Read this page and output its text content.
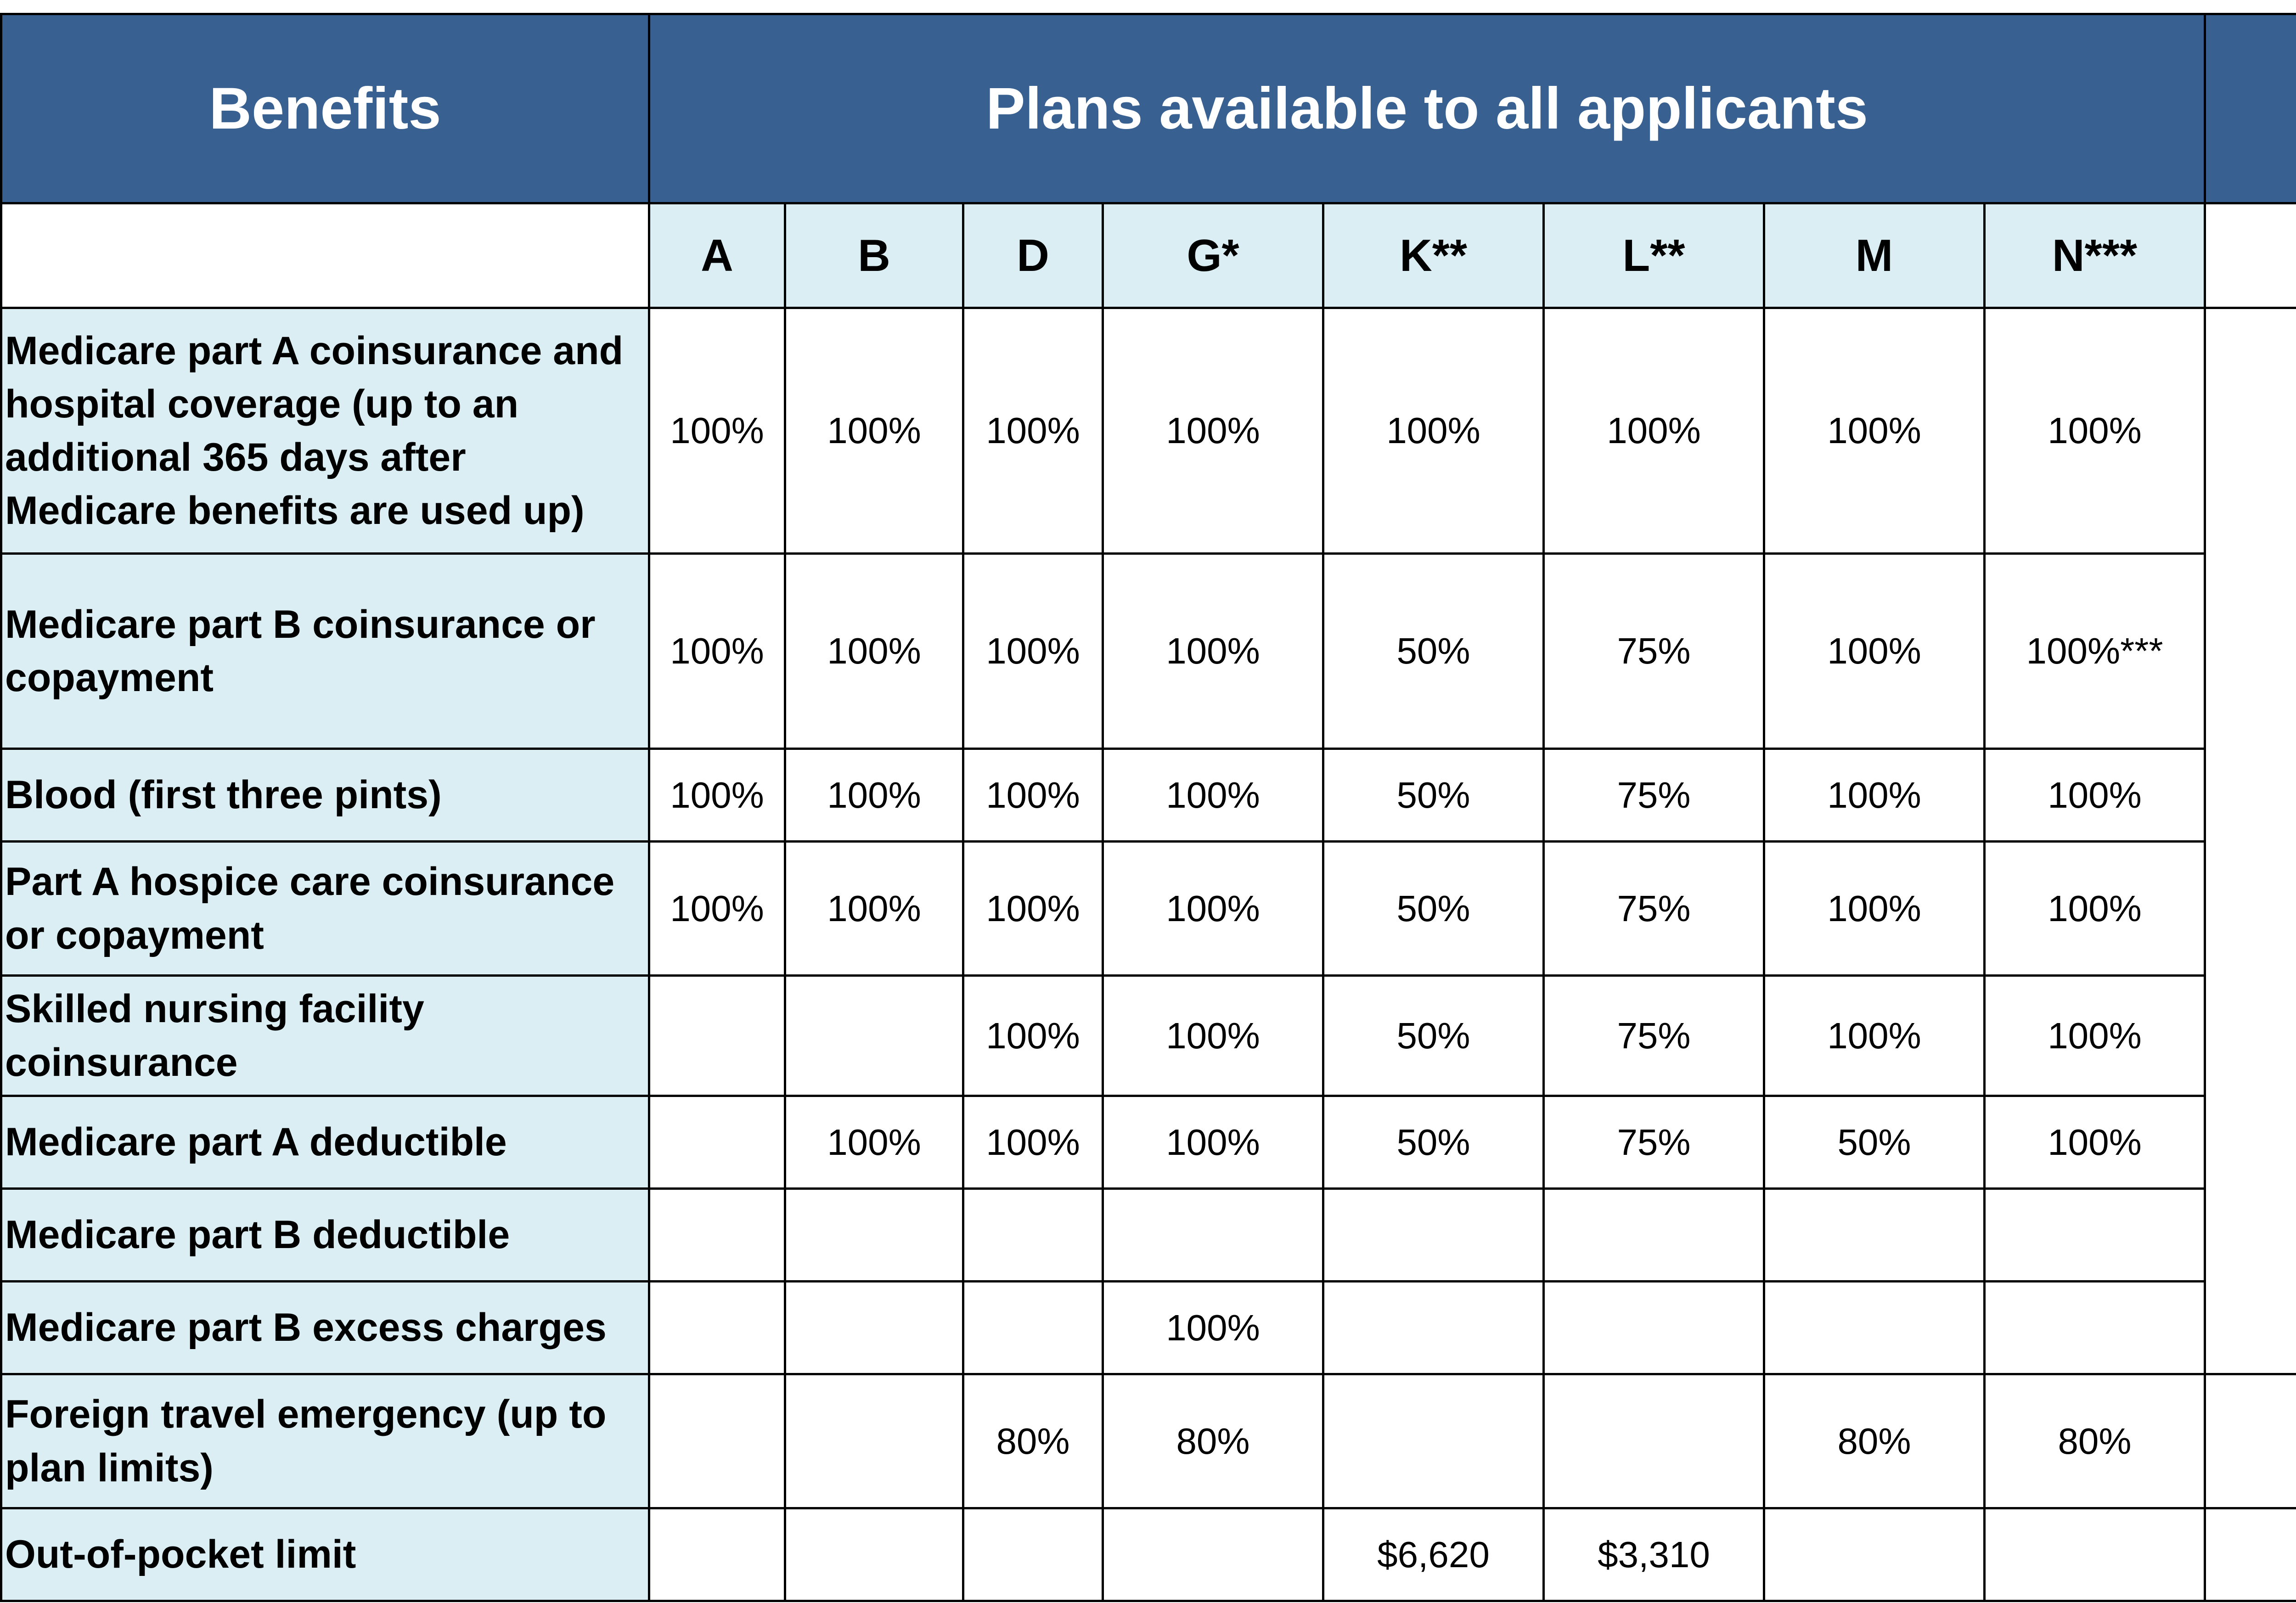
Benefits	Plans available to all applicants		
	A	B	D	G*	K**	L**	M	N***			
Medicare part A coinsurance and hospital coverage (up to an additional 365 days after Medicare benefits are used up)	100%	100%	100%	100%	100%	100%	100%	100%			
Medicare part B coinsurance or copayment	100%	100%	100%	100%	50%	75%	100%	100%***		
Blood (first three pints)	100%	100%	100%	100%	50%	75%	100%	100%		
Part A hospice care coinsurance or copayment	100%	100%	100%	100%	50%	75%	100%	100%		
Skilled nursing facility coinsurance			100%	100%	50%	75%	100%	100%		
Medicare part A deductible		100%	100%	100%	50%	75%	50%	100%		
Medicare part B deductible										
Medicare part B excess charges				100%						
Foreign travel emergency (up to plan limits)			80%	80%			80%	80%			
Out-of-pocket limit					$6,620	$3,310					
